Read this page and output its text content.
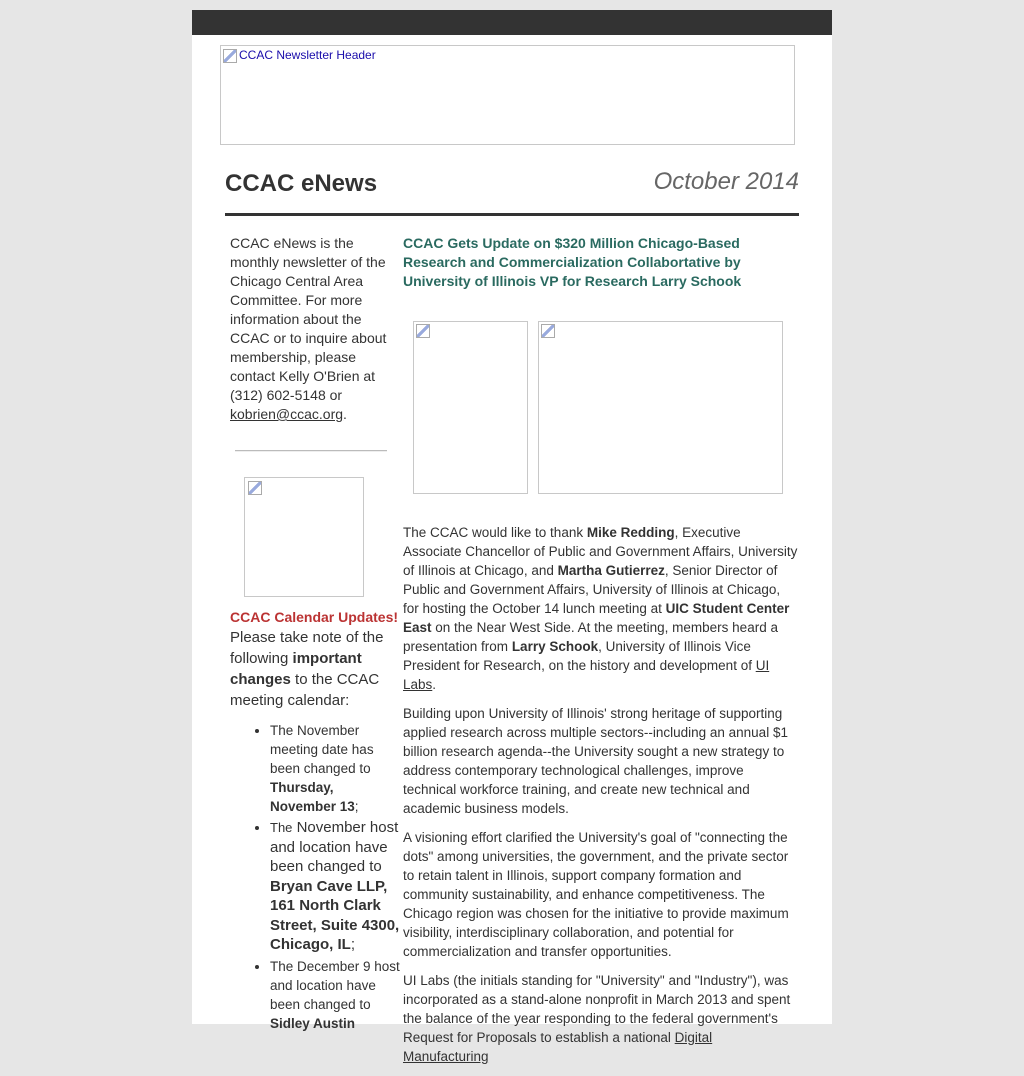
CCAC Newsletter Header
CCAC eNews	October 2014

CCAC eNews is the monthly newsletter of the Chicago Central Area Committee. For more information about the CCAC or to inquire about membership, please contact Kelly O'Brien at (312) 602-5148 or kobrien@ccac.org.

CCAC Calendar Updates!

Please take note of the following important changes to the CCAC meeting calendar:

• The November meeting date has been changed to Thursday, November 13;
• The November host and location have been changed to Bryan Cave LLP, 161 North Clark Street, Suite 4300, Chicago, IL;
• The December 9 host and location have been changed to Sidley Austin

CCAC Gets Update on $320 Million Chicago-Based Research and Commercialization Collabortative by University of Illinois VP for Research Larry Schook

The CCAC would like to thank Mike Redding, Executive Associate Chancellor of Public and Government Affairs, University of Illinois at Chicago, and Martha Gutierrez, Senior Director of Public and Government Affairs, University of Illinois at Chicago, for hosting the October 14 lunch meeting at UIC Student Center East on the Near West Side. At the meeting, members heard a presentation from Larry Schook, University of Illinois Vice President for Research, on the history and development of UI Labs.

Building upon University of Illinois' strong heritage of supporting applied research across multiple sectors--including an annual $1 billion research agenda--the University sought a new strategy to address contemporary technological challenges, improve technical workforce training, and create new technical and academic business models.

A visioning effort clarified the University's goal of "connecting the dots" among universities, the government, and the private sector to retain talent in Illinois, support company formation and community sustainability, and enhance competitiveness. The Chicago region was chosen for the initiative to provide maximum visibility, interdisciplinary collaboration, and potential for commercialization and transfer opportunities.

UI Labs (the initials standing for "University" and "Industry"), was incorporated as a stand-alone nonprofit in March 2013 and spent the balance of the year responding to the federal government's Request for Proposals to establish a national Digital Manufacturing
